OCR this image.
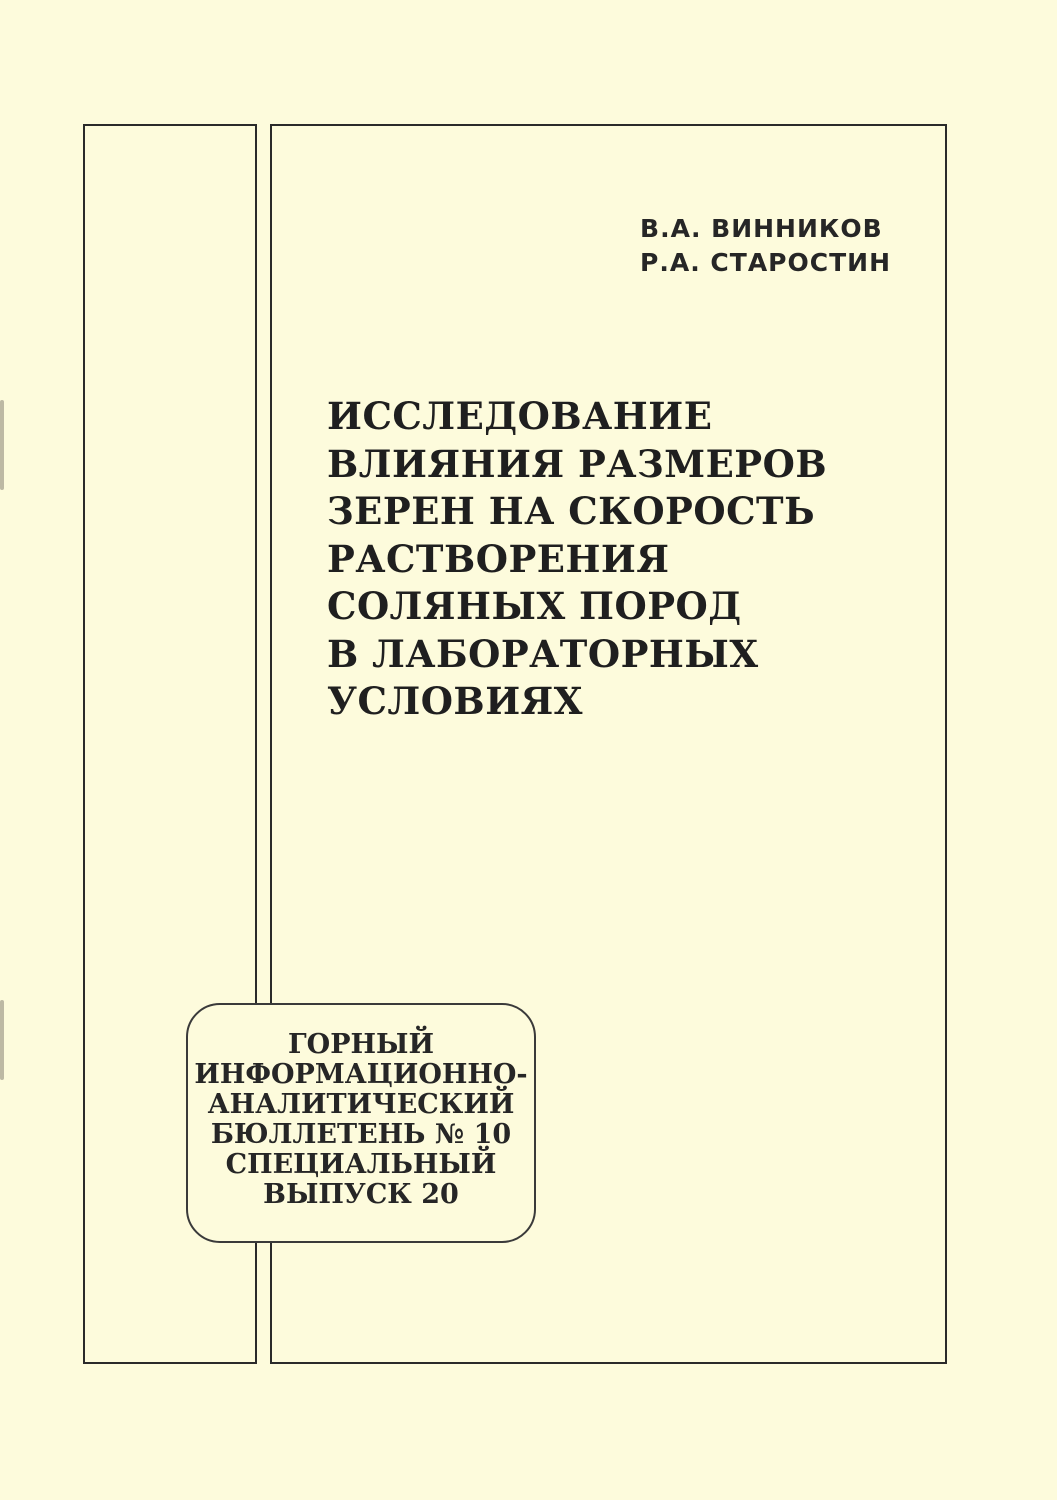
В.А. ВИННИКОВ
Р.А. СТАРОСТИН
ИССЛЕДОВАНИЕ
ВЛИЯНИЯ РАЗМЕРОВ
ЗЕРЕН НА СКОРОСТЬ
РАСТВОРЕНИЯ
СОЛЯНЫХ ПОРОД
В ЛАБОРАТОРНЫХ
УСЛОВИЯХ
ГОРНЫЙ
ИНФОРМАЦИОННО-
АНАЛИТИЧЕСКИЙ
БЮЛЛЕТЕНЬ № 10
СПЕЦИАЛЬНЫЙ
ВЫПУСК 20
